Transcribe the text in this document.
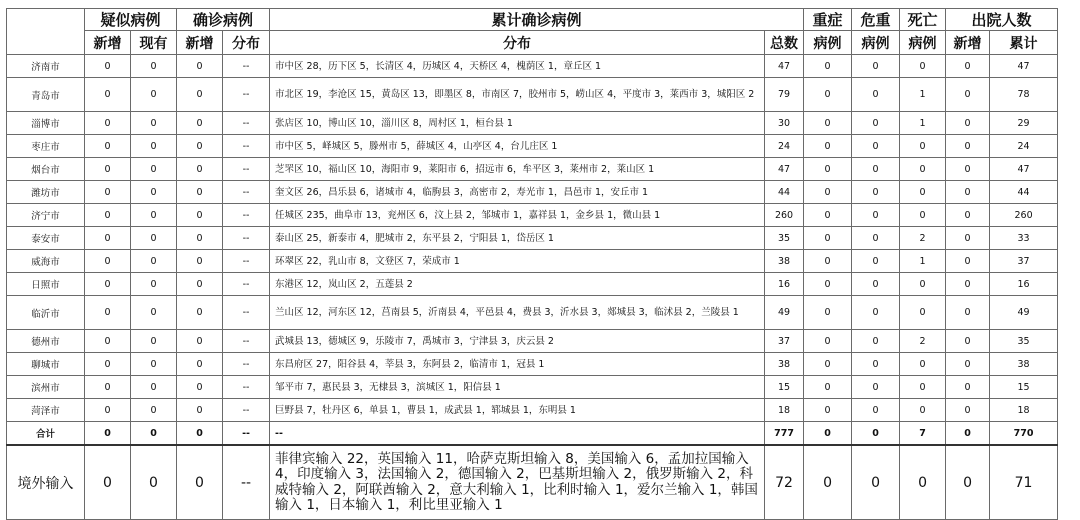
	疑似病例		确诊病例		累计确诊病例		重症	危重	死亡	出院人数	
	新增	现有	新增	分布	分布	总数	病例	病例	病例	新增	累计
济南市	0	0	0	--	市中区 28，历下区 5，长清区 4，历城区 4，天桥区 4，槐荫区 1，章丘区 1	47	0	0	0	0	47
青岛市	0	0	0	--	市北区 19，李沧区 15，黄岛区 13，即墨区 8，市南区 7，胶州市 5，崂山区 4，平度市 3，莱西市 3，城阳区 2	79	0	0	1	0	78
淄博市	0	0	0	--	张店区 10，博山区 10，淄川区 8，周村区 1，桓台县 1	30	0	0	1	0	29
枣庄市	0	0	0	--	市中区 5，峄城区 5，滕州市 5，薛城区 4，山亭区 4，台儿庄区 1	24	0	0	0	0	24
烟台市	0	0	0	--	芝罘区 10，福山区 10，海阳市 9，莱阳市 6，招远市 6，牟平区 3，莱州市 2，莱山区 1	47	0	0	0	0	47
潍坊市	0	0	0	--	奎文区 26，昌乐县 6，诸城市 4，临朐县 3，高密市 2，寿光市 1，昌邑市 1，安丘市 1	44	0	0	0	0	44
济宁市	0	0	0	--	任城区 235，曲阜市 13，兖州区 6，汶上县 2，邹城市 1，嘉祥县 1，金乡县 1，微山县 1	260	0	0	0	0	260
泰安市	0	0	0	--	泰山区 25，新泰市 4，肥城市 2，东平县 2，宁阳县 1，岱岳区 1	35	0	0	2	0	33
威海市	0	0	0	--	环翠区 22，乳山市 8，文登区 7，荣成市 1	38	0	0	1	0	37
日照市	0	0	0	--	东港区 12，岚山区 2，五莲县 2	16	0	0	0	0	16
临沂市	0	0	0	--	兰山区 12，河东区 12，莒南县 5，沂南县 4，平邑县 4，费县 3，沂水县 3，郯城县 3，临沭县 2，兰陵县 1	49	0	0	0	0	49
德州市	0	0	0	--	武城县 13，德城区 9，乐陵市 7，禹城市 3，宁津县 3，庆云县 2	37	0	0	2	0	35
聊城市	0	0	0	--	东昌府区 27，阳谷县 4，莘县 3，东阿县 2，临清市 1，冠县 1	38	0	0	0	0	38
滨州市	0	0	0	--	邹平市 7，惠民县 3，无棣县 3，滨城区 1，阳信县 1	15	0	0	0	0	15
菏泽市	0	0	0	--	巨野县 7，牡丹区 6，单县 1，曹县 1，成武县 1，郓城县 1，东明县 1	18	0	0	0	0	18
合计	0	0	0	--	--	777	0	0	7	0	770
境外输入	0	0	0	--	菲律宾输入 22，英国输入 11，哈萨克斯坦输入 8，美国输入 6，孟加拉国输入 4，印度输入 3，法国输入 2，德国输入 2，巴基斯坦输入 2，俄罗斯输入 2，科威特输入 2，阿联酋输入 2，意大利输入 1，比利时输入 1，爱尔兰输入 1，韩国输入 1，日本输入 1，利比里亚输入 1	72	0	0	0	0	71
